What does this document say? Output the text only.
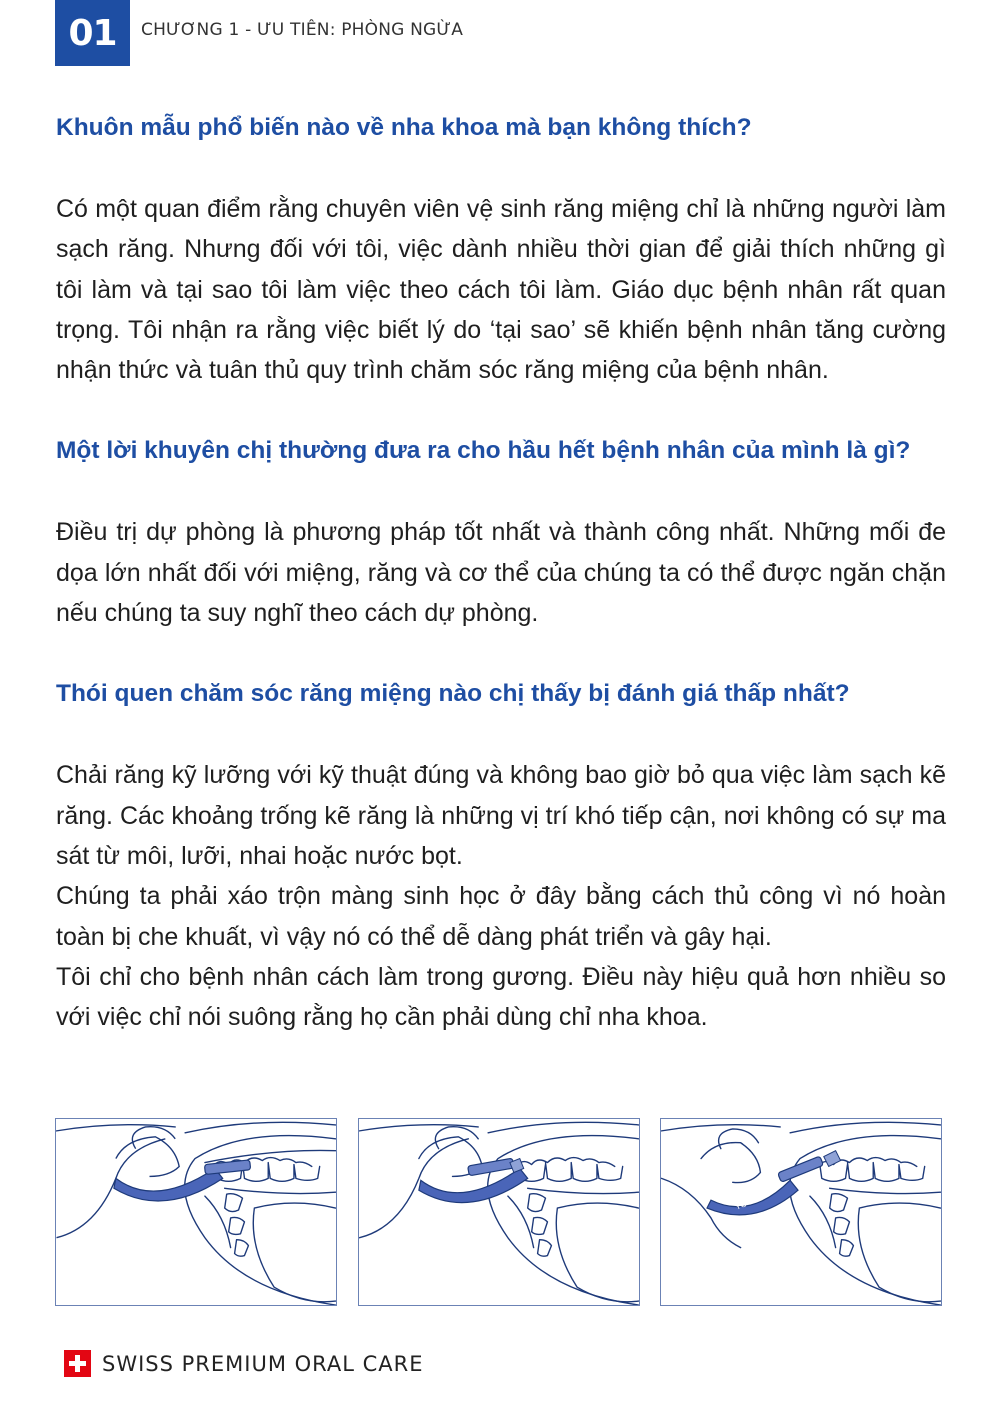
01	CHƯƠNG 1 - ƯU TIÊN: PHÒNG NGỪA
Khuôn mẫu phổ biến nào về nha khoa mà bạn không thích?

Có một quan điểm rằng chuyên viên vệ sinh răng miệng chỉ là những người làm sạch răng. Nhưng đối với tôi, việc dành nhiều thời gian để giải thích những gì tôi làm và tại sao tôi làm việc theo cách tôi làm. Giáo dục bệnh nhân rất quan trọng. Tôi nhận ra rằng việc biết lý do ‘tại sao’ sẽ khiến bệnh nhân tăng cường nhận thức và tuân thủ quy trình chăm sóc răng miệng của bệnh nhân.

Một lời khuyên chị thường đưa ra cho hầu hết bệnh nhân của mình là gì?

Điều trị dự phòng là phương pháp tốt nhất và thành công nhất. Những mối đe dọa lớn nhất đối với miệng, răng và cơ thể của chúng ta có thể được ngăn chặn nếu chúng ta suy nghĩ theo cách dự phòng.

Thói quen chăm sóc răng miệng nào chị thấy bị đánh giá thấp nhất?

Chải răng kỹ lưỡng với kỹ thuật đúng và không bao giờ bỏ qua việc làm sạch kẽ răng. Các khoảng trống kẽ răng là những vị trí khó tiếp cận, nơi không có sự ma sát từ môi, lưỡi, nhai hoặc nước bọt.

Chúng ta phải xáo trộn màng sinh học ở đây bằng cách thủ công vì nó hoàn toàn bị che khuất, vì vậy nó có thể dễ dàng phát triển và gây hại.

Tôi chỉ cho bệnh nhân cách làm trong gương. Điều này hiệu quả hơn nhiều so với việc chỉ nói suông rằng họ cần phải dùng chỉ nha khoa.

YO	YO
YO
SWISS PREMIUM ORAL CARE
